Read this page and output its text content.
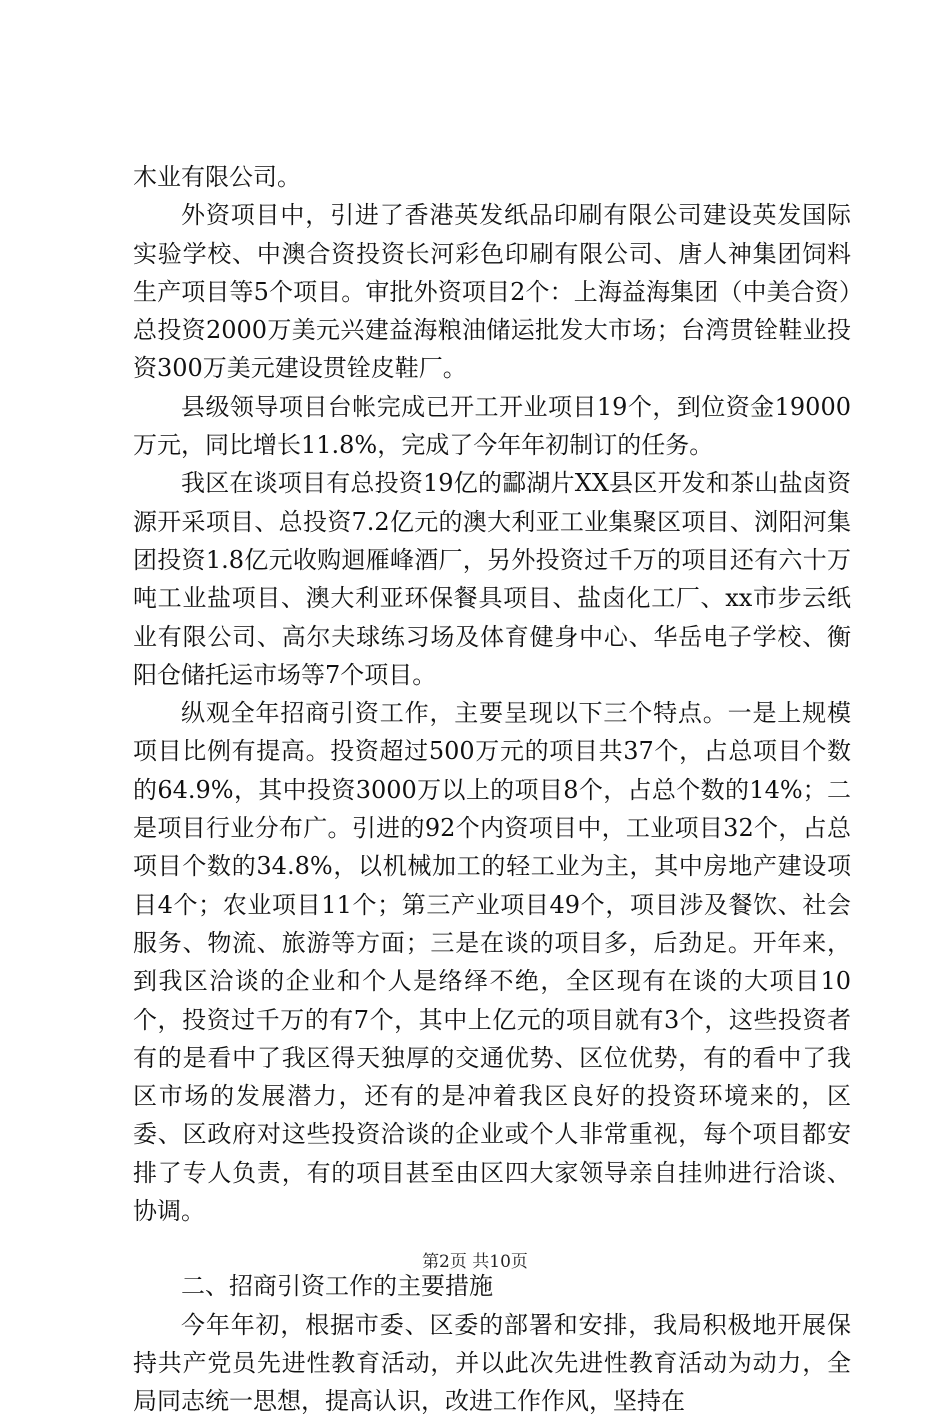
木业有限公司。

外资项目中，引进了香港英发纸品印刷有限公司建设英发国际实验学校、中澳合资投资长河彩色印刷有限公司、唐人神集团饲料生产项目等5个项目。审批外资项目2个：上海益海集团（中美合资）总投资2000万美元兴建益海粮油储运批发大市场；台湾贯铨鞋业投资300万美元建设贯铨皮鞋厂。

县级领导项目台帐完成已开工开业项目19个，到位资金19000万元，同比增长11.8%，完成了今年年初制订的任务。

我区在谈项目有总投资19亿的酃湖片XX县区开发和茶山盐卤资源开采项目、总投资7.2亿元的澳大利亚工业集聚区项目、浏阳河集团投资1.8亿元收购迴雁峰酒厂，另外投资过千万的项目还有六十万吨工业盐项目、澳大利亚环保餐具项目、盐卤化工厂、xx市步云纸业有限公司、高尔夫球练习场及体育健身中心、华岳电子学校、衡阳仓储托运市场等7个项目。

纵观全年招商引资工作，主要呈现以下三个特点。一是上规模项目比例有提高。投资超过500万元的项目共37个，占总项目个数的64.9%，其中投资3000万以上的项目8个，占总个数的14%；二是项目行业分布广。引进的92个内资项目中，工业项目32个，占总项目个数的34.8%，以机械加工的轻工业为主，其中房地产建设项目4个；农业项目11个；第三产业项目49个，项目涉及餐饮、社会服务、物流、旅游等方面；三是在谈的项目多，后劲足。开年来，到我区洽谈的企业和个人是络绎不绝，全区现有在谈的大项目10个，投资过千万的有7个，其中上亿元的项目就有3个，这些投资者有的是看中了我区得天独厚的交通优势、区位优势，有的看中了我区市场的发展潜力，还有的是冲着我区良好的投资环境来的，区委、区政府对这些投资洽谈的企业或个人非常重视，每个项目都安排了专人负责，有的项目甚至由区四大家领导亲自挂帅进行洽谈、协调。

二、招商引资工作的主要措施

今年年初，根据市委、区委的部署和安排，我局积极地开展保持共产党员先进性教育活动，并以此次先进性教育活动为动力，全局同志统一思想，提高认识，改进工作作风，坚持在

第2页 共10页
